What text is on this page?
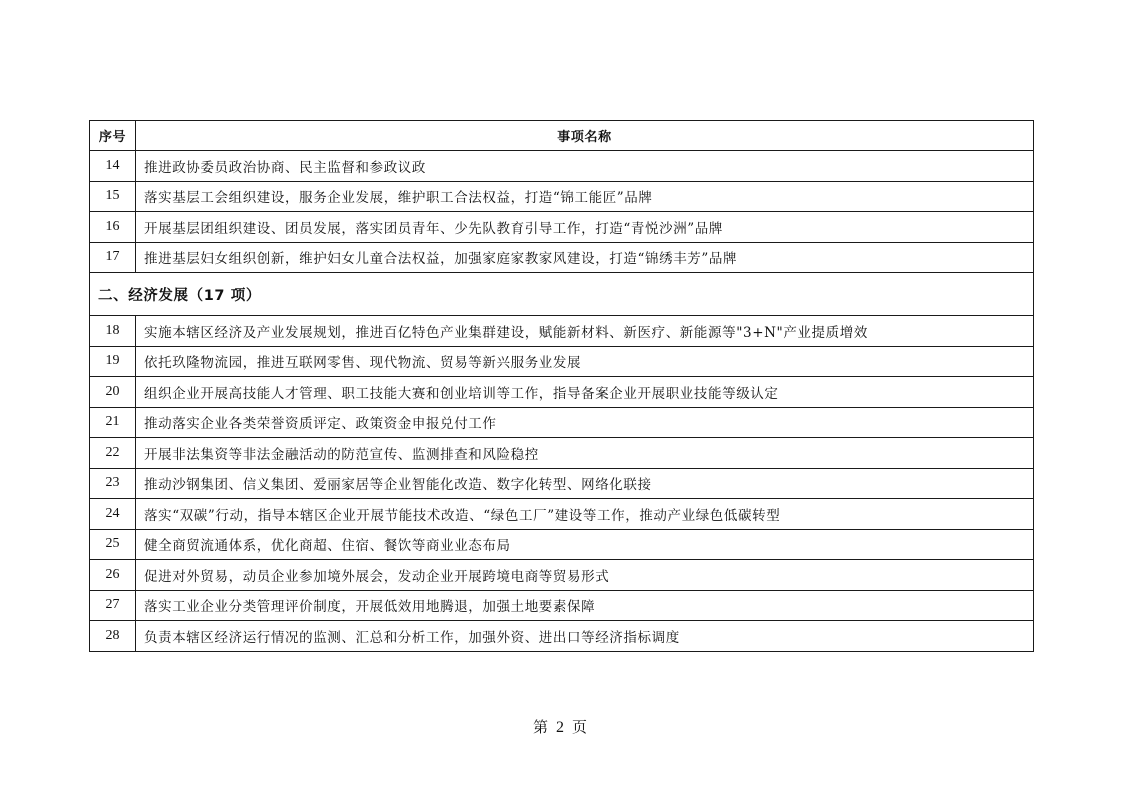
序号	事项名称
14	推进政协委员政治协商、民主监督和参政议政
15	落实基层工会组织建设，服务企业发展，维护职工合法权益，打造“锦工能匠”品牌
16	开展基层团组织建设、团员发展，落实团员青年、少先队教育引导工作，打造“青悦沙洲”品牌
17	推进基层妇女组织创新，维护妇女儿童合法权益，加强家庭家教家风建设，打造“锦绣丰芳”品牌
二、经济发展（17 项）	
18	实施本辖区经济及产业发展规划，推进百亿特色产业集群建设，赋能新材料、新医疗、新能源等"3+N"产业提质增效
19	依托玖隆物流园，推进互联网零售、现代物流、贸易等新兴服务业发展
20	组织企业开展高技能人才管理、职工技能大赛和创业培训等工作，指导备案企业开展职业技能等级认定
21	推动落实企业各类荣誉资质评定、政策资金申报兑付工作
22	开展非法集资等非法金融活动的防范宣传、监测排查和风险稳控
23	推动沙钢集团、信义集团、爱丽家居等企业智能化改造、数字化转型、网络化联接
24	落实“双碳”行动，指导本辖区企业开展节能技术改造、“绿色工厂”建设等工作，推动产业绿色低碳转型
25	健全商贸流通体系，优化商超、住宿、餐饮等商业业态布局
26	促进对外贸易，动员企业参加境外展会，发动企业开展跨境电商等贸易形式
27	落实工业企业分类管理评价制度，开展低效用地腾退，加强土地要素保障
28	负责本辖区经济运行情况的监测、汇总和分析工作，加强外资、进出口等经济指标调度
第 2 页
